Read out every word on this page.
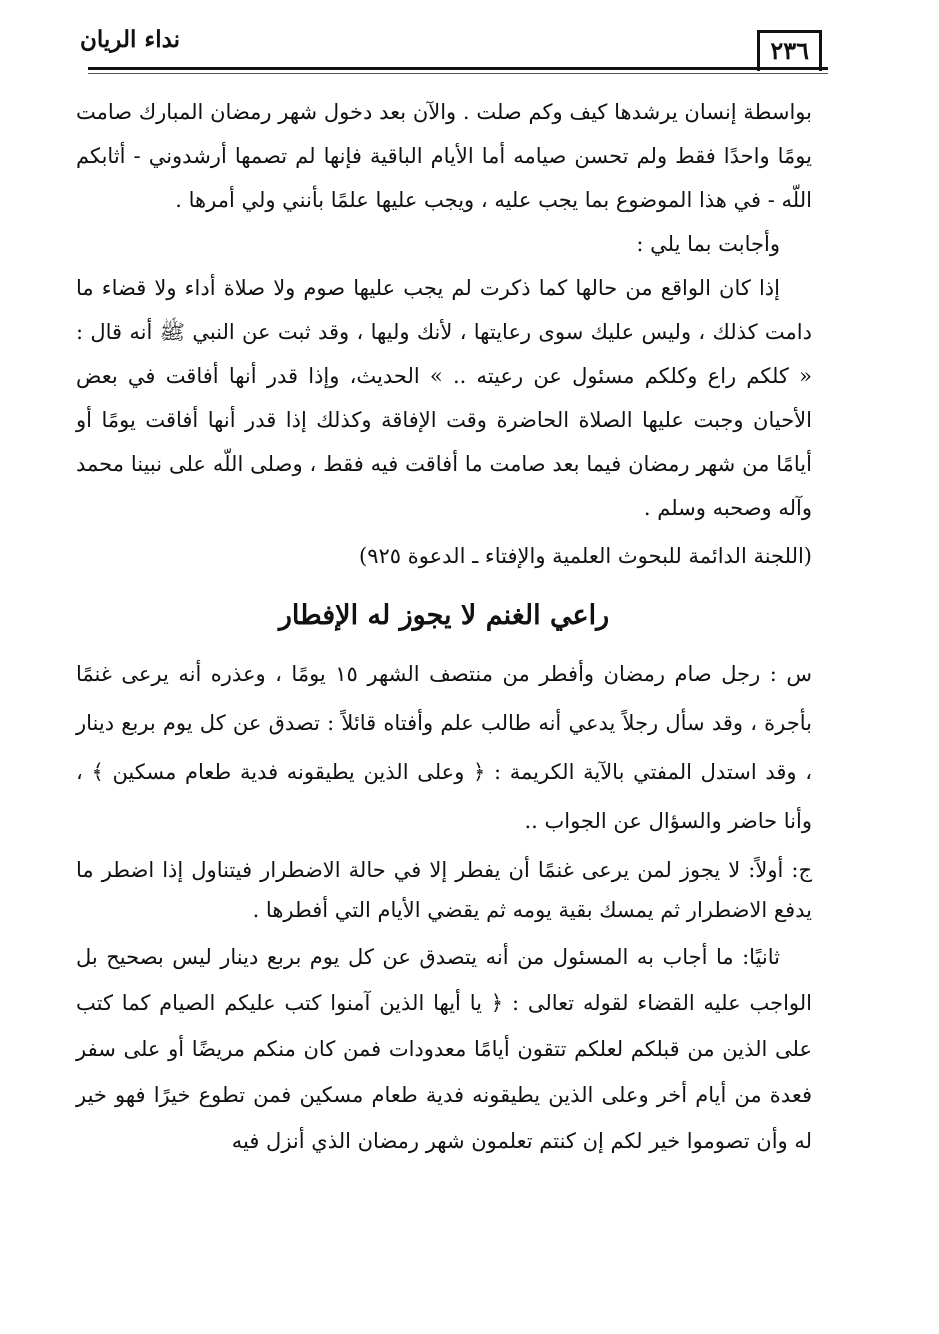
نداء الريان	٢٣٦

بواسطة إنسان يرشدها كيف وكم صلت . والآن بعد دخول شهر رمضان المبارك صامت يومًا واحدًا فقط ولم تحسن صيامه أما الأيام الباقية فإنها لم تصمها أرشدوني - أثابكم اللّه - في هذا الموضوع بما يجب عليه ، ويجب عليها علمًا بأنني ولي أمرها .

وأجابت بما يلي :

إذا كان الواقع من حالها كما ذكرت لم يجب عليها صوم ولا صلاة أداء ولا قضاء ما دامت كذلك ، وليس عليك سوى رعايتها ، لأنك وليها ، وقد ثبت عن النبي ﷺ أنه قال : « كلكم راع وكلكم مسئول عن رعيته .. » الحديث، وإذا قدر أنها أفاقت في بعض الأحيان وجبت عليها الصلاة الحاضرة وقت الإفاقة وكذلك إذا قدر أنها أفاقت يومًا أو أيامًا من شهر رمضان فيما بعد صامت ما أفاقت فيه فقط ، وصلى اللّه على نبينا محمد وآله وصحبه وسلم .

(اللجنة الدائمة للبحوث العلمية والإفتاء ـ الدعوة ٩٢٥)

راعي الغنم لا يجوز له الإفطار

س : رجل صام رمضان وأفطر من منتصف الشهر ١٥ يومًا ، وعذره أنه يرعى غنمًا بأجرة ، وقد سأل رجلاً يدعي أنه طالب علم وأفتاه قائلاً : تصدق عن كل يوم بربع دينار ، وقد استدل المفتي بالآية الكريمة : ﴿ وعلى الذين يطيقونه فدية طعام مسكين ﴾ ، وأنا حاضر والسؤال عن الجواب ..

ج: أولاً: لا يجوز لمن يرعى غنمًا أن يفطر إلا في حالة الاضطرار فيتناول إذا اضطر ما يدفع الاضطرار ثم يمسك بقية يومه ثم يقضي الأيام التي أفطرها .

ثانيًا: ما أجاب به المسئول من أنه يتصدق عن كل يوم بربع دينار ليس بصحيح بل الواجب عليه القضاء لقوله تعالى : ﴿ يا أيها الذين آمنوا كتب عليكم الصيام كما كتب على الذين من قبلكم لعلكم تتقون أيامًا معدودات فمن كان منكم مريضًا أو على سفر فعدة من أيام أخر وعلى الذين يطيقونه فدية طعام مسكين فمن تطوع خيرًا فهو خير له وأن تصوموا خير لكم إن كنتم تعلمون شهر رمضان الذي أنزل فيه
